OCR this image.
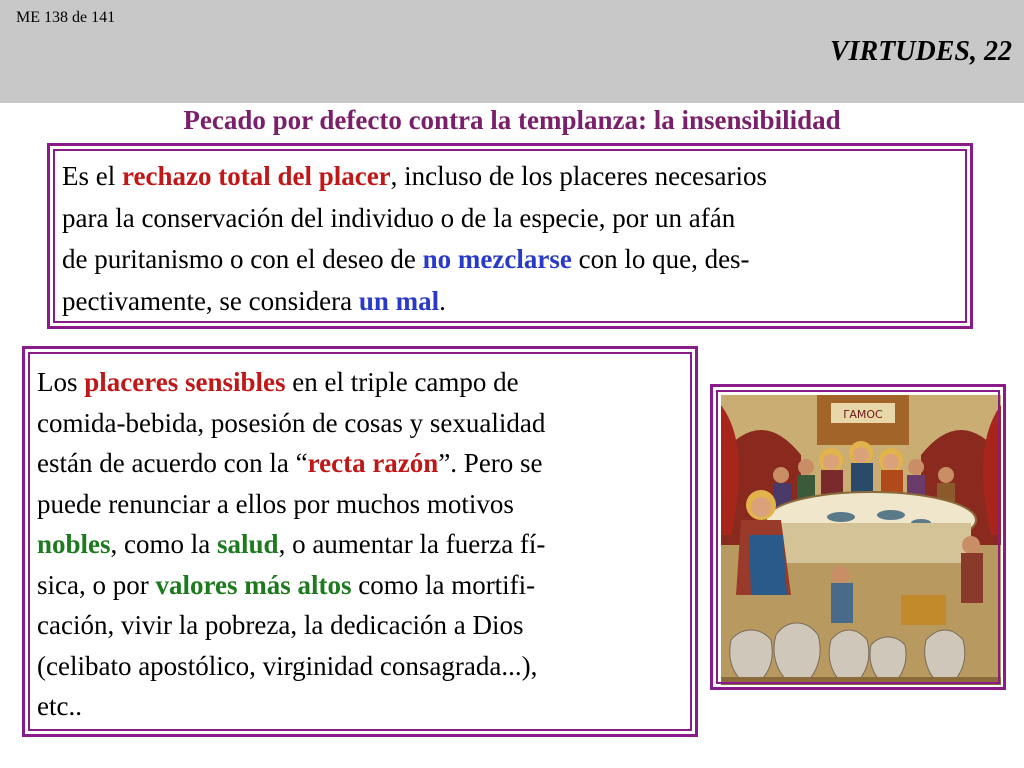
ME 138 de 141
VIRTUDES, 22
Pecado por defecto contra la templanza: la insensibilidad
Es el rechazo total del placer, incluso de los placeres necesarios
para la conservación del individuo o de la especie, por un afán
de puritanismo o con el deseo de no mezclarse con lo que, des-
pectivamente, se considera un mal.
Los placeres sensibles en el triple campo de
comida-bebida, posesión de cosas y sexualidad
están de acuerdo con la “recta razón”. Pero se
puede renunciar a ellos por muchos motivos
nobles, como la salud, o aumentar la fuerza fí-
sica, o por valores más altos como la mortifi-
cación, vivir la pobreza, la dedicación a Dios
(celibato apostólico, virginidad consagrada...),
etc..
ΓΑΜΟC
